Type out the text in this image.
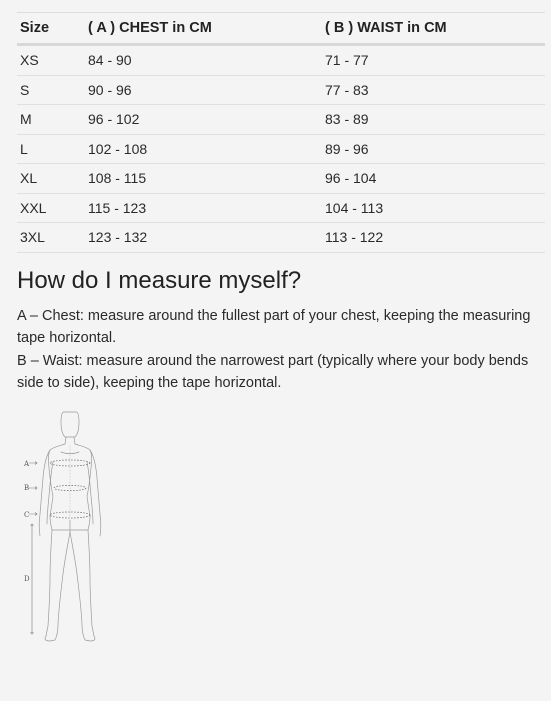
Size	( A ) CHEST in CM	( B ) WAIST in CM
XS	84 - 90	71 - 77
S	90 - 96	77 - 83
M	96 - 102	83 - 89
L	102 - 108	89 - 96
XL	108 - 115	96 - 104
XXL	115 - 123	104 - 113
3XL	123 - 132	113 - 122
How do I measure myself?

A – Chest: measure around the fullest part of your chest, keeping the measuring tape horizontal.

B – Waist: measure around the narrowest part (typically where your body bends side to side), keeping the tape horizontal.

A
B
C
D
